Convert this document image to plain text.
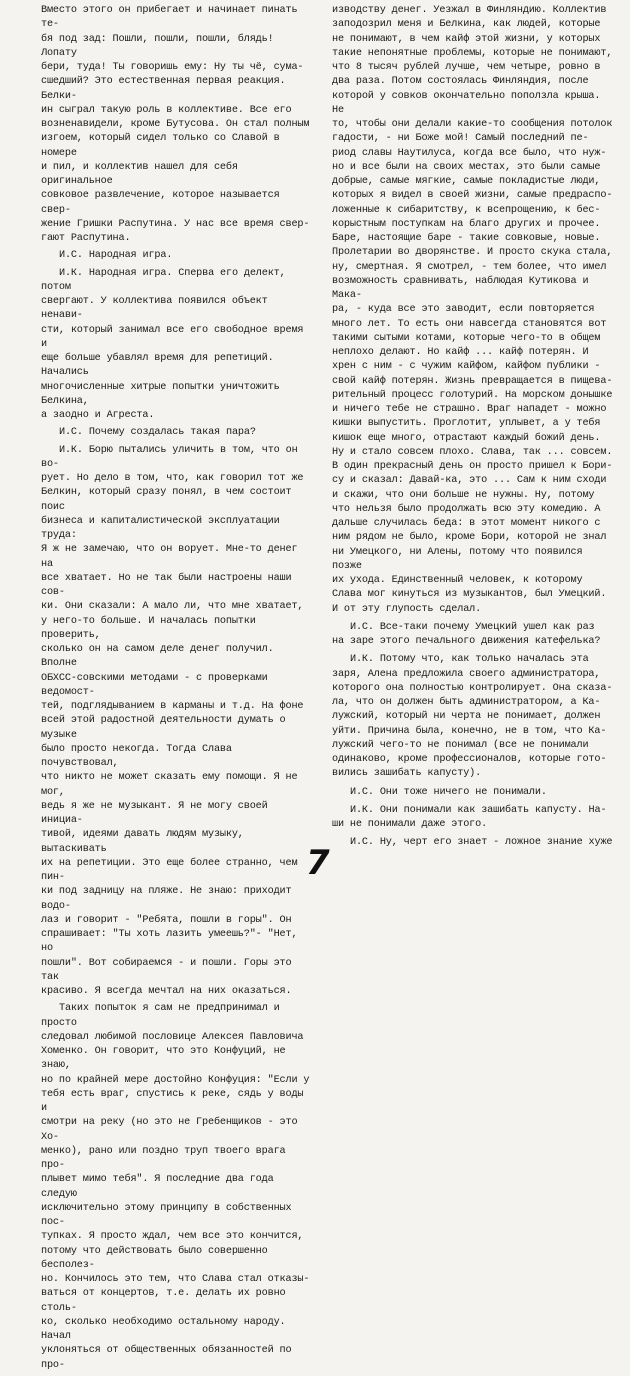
Вместо этого он прибегает и начинает пинать те-
бя под зад: Пошли, пошли, пошли, блядь! Лопату
бери, туда! Ты говоришь ему: Ну ты чё, сума-
сшедший? Это естественная первая реакция. Белки-
ин сыграл такую роль в коллективе. Все его
возненавидели, кроме Бутусова. Он стал полным
изгоем, который сидел только со Славой в номере
и пил, и коллектив нашел для себя оригинальное
совковое развлечение, которое называется свер-
жение Гришки Распутина. У нас все время свер-
гают Распутина.

И.С. Народная игра.

И.К. Народная игра. Сперва его делект, потом
свергают. У коллектива появился объект ненави-
сти, который занимал все его свободное время и
еще больше убавлял время для репетиций. Начались
многочисленные хитрые попытки уничтожить Белкина,
а заодно и Агреста.

И.С. Почему создалась такая пара?

И.К. Борю пытались уличить в том, что он во-
рует. Но дело в том, что, как говорил тот же
Белкин, который сразу понял, в чем состоит поис
бизнеса и капиталистической эксплуатации труда:
Я ж не замечаю, что он ворует. Мне-то денег на
все хватает. Но не так были настроены наши сов-
ки. Они сказали: А мало ли, что мне хватает,
у него-то больше. И началась попытки проверить,
сколько он на самом деле денег получил. Вполне
ОБХСС-совскими методами - с проверками ведомост-
тей, подглядыванием в карманы и т.д. На фоне
всей этой радостной деятельности думать о музыке
было просто некогда. Тогда Слава почувствовал,
что никто не может сказать ему помощи. Я не мог,
ведь я же не музыкант. Я не могу своей инициа-
тивой, идеями давать людям музыку, вытаскивать
их на репетиции. Это еще более странно, чем пин-
ки под задницу на пляже. Не знаю: приходит водо-
лаз и говорит - "Ребята, пошли в горы". Он
спрашивает: "Ты хоть лазить умеешь?"- "Нет, но
пошли". Вот собираемся - и пошли. Горы это так
красиво. Я всегда мечтал на них оказаться.

Таких попыток я сам не предпринимал и просто
следовал любимой пословице Алексея Павловича
Хоменко. Он говорит, что это Конфуций, не знаю,
но по крайней мере достойно Конфуция: "Если у
тебя есть враг, спустись к реке, сядь у воды и
смотри на реку (но это не Гребенщиков - это Хо-
менко), рано или поздно труп твоего врага про-
плывет мимо тебя". Я последние два года следую
исключительно этому принципу в собственных пос-
тупках. Я просто ждал, чем все это кончится,
потому что действовать было совершенно бесполез-
но. Кончилось это тем, что Слава стал отказы-
ваться от концертов, т.е. делать их ровно столь-
ко, сколько необходимо остальному народу. Начал
уклоняться от общественных обязанностей по про-

изводству денег. Уезжал в Финляндию. Коллектив
заподозрил меня и Белкина, как людей, которые
не понимают, в чем кайф этой жизни, у которых
такие непонятные проблемы, которые не понимают,
что 8 тысяч рублей лучше, чем четыре, ровно в
два раза. Потом состоялась Финляндия, после
которой у совков окончательно поползла крыша. Не
то, чтобы они делали какие-то сообщения потолок
гадости, - ни Боже мой! Самый последний пе-
риод славы Наутилуса, когда все было, что нуж-
но и все были на своих местах, это были самые
добрые, самые мягкие, самые покладистые люди,
которых я видел в своей жизни, самые предраспо-
ложенные к сибаритству, к всепрощению, к бес-
корыстным поступкам на благо других и прочее.
Баре, настоящие баре - такие совковые, новые.
Пролетарии во дворянстве. И просто скука стала,
ну, смертная. Я смотрел, - тем более, что имел
возможность сравнивать, наблюдая Кутикова и Мака-
ра, - куда все это заводит, если повторяется
много лет. То есть они навсегда становятся вот
такими сытыми котами, которые чего-то в общем
неплохо делают. Но кайф ... кайф потерян. И
хрен с ним - с чужим кайфом, кайфом публики -
свой кайф потерян. Жизнь превращается в пищева-
рительный процесс голотурий. На морском донышке
и ничего тебе не страшно. Враг нападет - можно
кишки выпустить. Проглотит, уплывет, а у тебя
кишок еще много, отрастают каждый божий день.
Ну и стало совсем плохо. Слава, так ... совсем.
В один прекрасный день он просто пришел к Бори-
су и сказал: Давай-ка, это ... Сам к ним сходи
и скажи, что они больше не нужны. Ну, потому
что нельзя было продолжать всю эту комедию. А
дальше случилась беда: в этот момент никого с
ним рядом не было, кроме Бори, которой не знал
ни Умецкого, ни Алены, потому что появился позже
их ухода. Единственный человек, к которому
Слава мог кинуться из музыкантов, был Умецкий.
И от эту глупость сделал.

И.С. Все-таки почему Умецкий ушел как раз
на заре этого печального движения катефелька?

И.К. Потому что, как только началась эта
заря, Алена предложила своего администратора,
которого она полностью контролирует. Она сказа-
ла, что он должен быть администратором, а Ка-
лужский, который ни черта не понимает, должен
уйти. Причина была, конечно, не в том, что Ка-
лужский чего-то не понимал (все не понимали
одинаково, кроме профессионалов, которые гото-
вились зашибать капусту).

И.С. Они тоже ничего не понимали.

И.К. Они понимали как зашибать капусту. На-
ши не понимали даже этого.

И.С. Ну, черт его знает - ложное знание хуже

7
